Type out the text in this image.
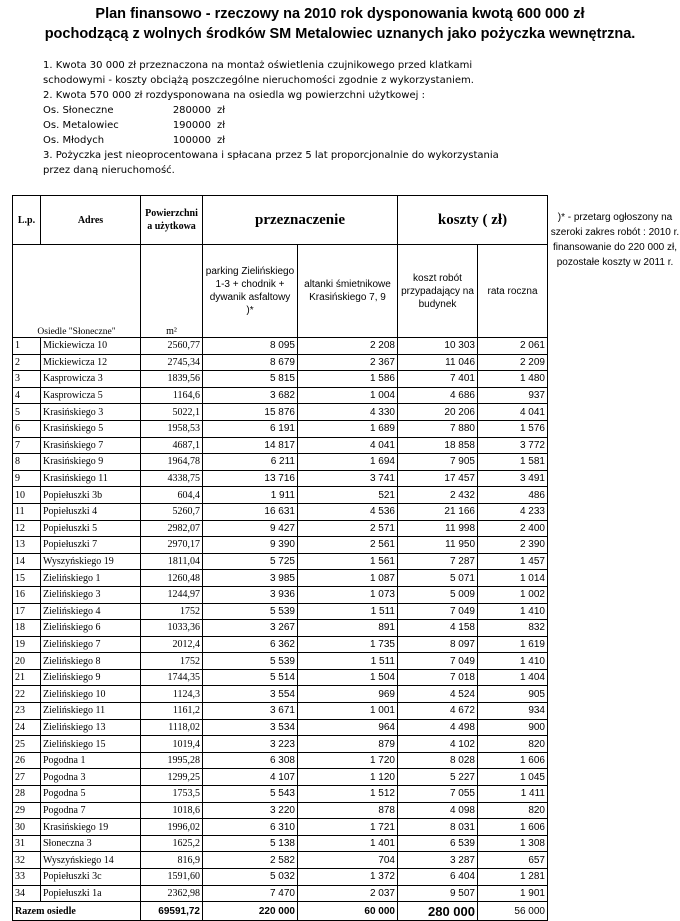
Plan finansowo - rzeczowy na 2010 rok dysponowania kwotą 600 000 zł
pochodzącą z wolnych środków SM Metalowiec uznanych jako pożyczka wewnętrzna.
1. Kwota 30 000 zł przeznaczona na montaż oświetlenia czujnikowego przed klatkami
schodowymi - koszty obciążą poszczególne nieruchomości zgodnie z wykorzystaniem.
2. Kwota 570 000 zł rozdysponowana na osiedla wg powierzchni użytkowej :
Os. Słoneczne	280000 zł
Os. Metalowiec	190000 zł
Os. Młodych	100000 zł
3. Pożyczka jest nieoprocentowana i spłacana przez 5 lat proporcjonalnie do wykorzystania
przez daną nieruchomość.
L.p.	Adres	Powierzchnia użytkowa	przeznaczenie		koszty ( zł)	
Osiedle "Słoneczne"		m²	parking Zielińskiego 1-3 + chodnik + dywanik asfaltowy )*	altanki śmietnikowe Krasińskiego 7, 9	koszt robót przypadający na budynek	rata roczna
1	Mickiewicza 10	2560,77	8 095	2 208	10 303	2 061
2	Mickiewicza 12	2745,34	8 679	2 367	11 046	2 209
3	Kasprowicza 3	1839,56	5 815	1 586	7 401	1 480
4	Kasprowicza 5	1164,6	3 682	1 004	4 686	937
5	Krasińskiego 3	5022,1	15 876	4 330	20 206	4 041
6	Krasińskiego 5	1958,53	6 191	1 689	7 880	1 576
7	Krasińskiego 7	4687,1	14 817	4 041	18 858	3 772
8	Krasińskiego 9	1964,78	6 211	1 694	7 905	1 581
9	Krasińskiego 11	4338,75	13 716	3 741	17 457	3 491
10	Popiełuszki 3b	604,4	1 911	521	2 432	486
11	Popiełuszki 4	5260,7	16 631	4 536	21 166	4 233
12	Popiełuszki 5	2982,07	9 427	2 571	11 998	2 400
13	Popiełuszki 7	2970,17	9 390	2 561	11 950	2 390
14	Wyszyńskiego 19	1811,04	5 725	1 561	7 287	1 457
15	Zielińskiego 1	1260,48	3 985	1 087	5 071	1 014
16	Zielińskiego 3	1244,97	3 936	1 073	5 009	1 002
17	Zielińskiego 4	1752	5 539	1 511	7 049	1 410
18	Zielińskiego 6	1033,36	3 267	891	4 158	832
19	Zielińskiego 7	2012,4	6 362	1 735	8 097	1 619
20	Zielińskiego 8	1752	5 539	1 511	7 049	1 410
21	Zielińskiego 9	1744,35	5 514	1 504	7 018	1 404
22	Zielińskiego 10	1124,3	3 554	969	4 524	905
23	Zielińskiego 11	1161,2	3 671	1 001	4 672	934
24	Zielińskiego 13	1118,02	3 534	964	4 498	900
25	Zielińskiego 15	1019,4	3 223	879	4 102	820
26	Pogodna 1	1995,28	6 308	1 720	8 028	1 606
27	Pogodna 3	1299,25	4 107	1 120	5 227	1 045
28	Pogodna 5	1753,5	5 543	1 512	7 055	1 411
29	Pogodna 7	1018,6	3 220	878	4 098	820
30	Krasińskiego 19	1996,02	6 310	1 721	8 031	1 606
31	Słoneczna 3	1625,2	5 138	1 401	6 539	1 308
32	Wyszyńskiego 14	816,9	2 582	704	3 287	657
33	Popiełuszki 3c	1591,60	5 032	1 372	6 404	1 281
34	Popiełuszki 1a	2362,98	7 470	2 037	9 507	1 901
Razem osiedle		69591,72	220 000	60 000	280 000	56 000
)* - przetarg ogłoszony na szeroki zakres robót : 2010 r. finansowanie do 220 000 zł, pozostałe koszty w 2011 r.
